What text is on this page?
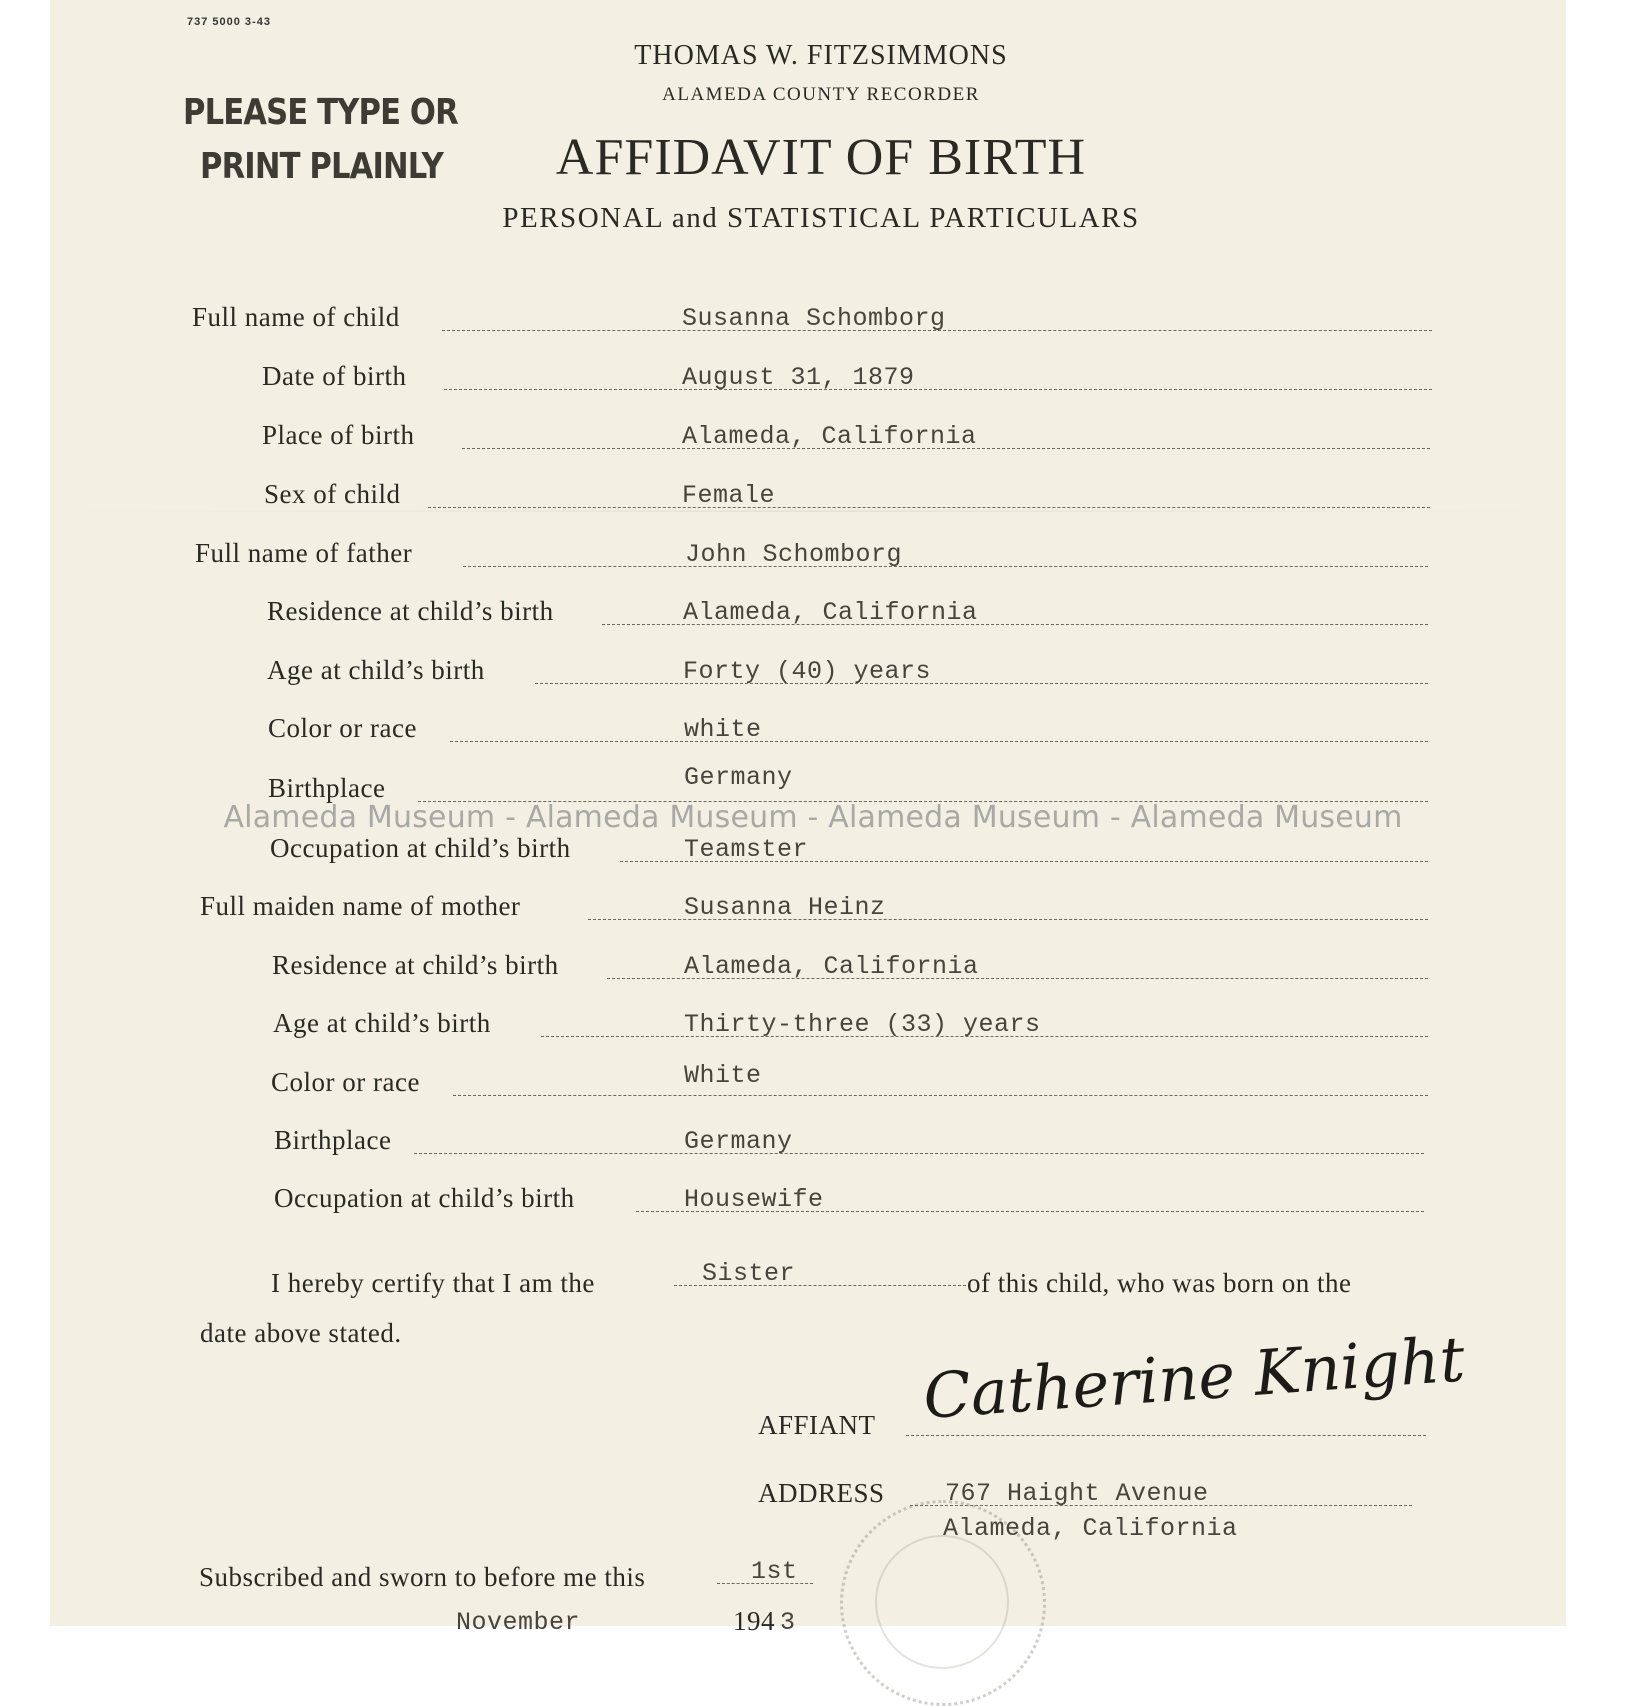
737 5000 3-43
PLEASE TYPE OR
PRINT PLAINLY
THOMAS W. FITZSIMMONS
ALAMEDA COUNTY RECORDER
AFFIDAVIT OF BIRTH
PERSONAL and STATISTICAL PARTICULARS
Full name of child	Susanna Schomborg
Date of birth	August 31, 1879
Place of birth	Alameda, California
Sex of child	Female
Full name of father	John Schomborg
Residence at child’s birth	Alameda, California
Age at child’s birth	Forty (40) years
Color or race	white
Birthplace	Germany
Occupation at child’s birth	Teamster
Full maiden name of mother	Susanna Heinz
Residence at child’s birth	Alameda, California
Age at child’s birth	Thirty-three (33) years
Color or race	White
Birthplace	Germany
Occupation at child’s birth	Housewife
I hereby certify that I am the	Sister	of this child, who was born on the
date above stated.
AFFIANT Catherine Knight
ADDRESS 767 Haight Avenue
Alameda, California
Subscribed and sworn to before me this	1st
November	194 3
Alameda Museum - Alameda Museum - Alameda Museum - Alameda Museum
